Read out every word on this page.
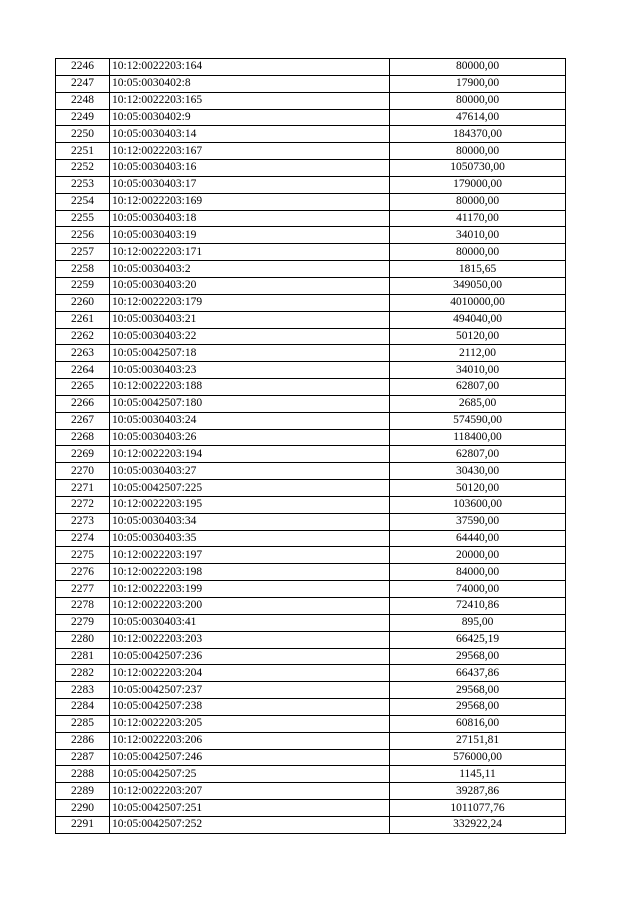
2246	10:12:0022203:164	80000,00
2247	10:05:0030402:8	17900,00
2248	10:12:0022203:165	80000,00
2249	10:05:0030402:9	47614,00
2250	10:05:0030403:14	184370,00
2251	10:12:0022203:167	80000,00
2252	10:05:0030403:16	1050730,00
2253	10:05:0030403:17	179000,00
2254	10:12:0022203:169	80000,00
2255	10:05:0030403:18	41170,00
2256	10:05:0030403:19	34010,00
2257	10:12:0022203:171	80000,00
2258	10:05:0030403:2	1815,65
2259	10:05:0030403:20	349050,00
2260	10:12:0022203:179	4010000,00
2261	10:05:0030403:21	494040,00
2262	10:05:0030403:22	50120,00
2263	10:05:0042507:18	2112,00
2264	10:05:0030403:23	34010,00
2265	10:12:0022203:188	62807,00
2266	10:05:0042507:180	2685,00
2267	10:05:0030403:24	574590,00
2268	10:05:0030403:26	118400,00
2269	10:12:0022203:194	62807,00
2270	10:05:0030403:27	30430,00
2271	10:05:0042507:225	50120,00
2272	10:12:0022203:195	103600,00
2273	10:05:0030403:34	37590,00
2274	10:05:0030403:35	64440,00
2275	10:12:0022203:197	20000,00
2276	10:12:0022203:198	84000,00
2277	10:12:0022203:199	74000,00
2278	10:12:0022203:200	72410,86
2279	10:05:0030403:41	895,00
2280	10:12:0022203:203	66425,19
2281	10:05:0042507:236	29568,00
2282	10:12:0022203:204	66437,86
2283	10:05:0042507:237	29568,00
2284	10:05:0042507:238	29568,00
2285	10:12:0022203:205	60816,00
2286	10:12:0022203:206	27151,81
2287	10:05:0042507:246	576000,00
2288	10:05:0042507:25	1145,11
2289	10:12:0022203:207	39287,86
2290	10:05:0042507:251	1011077,76
2291	10:05:0042507:252	332922,24
